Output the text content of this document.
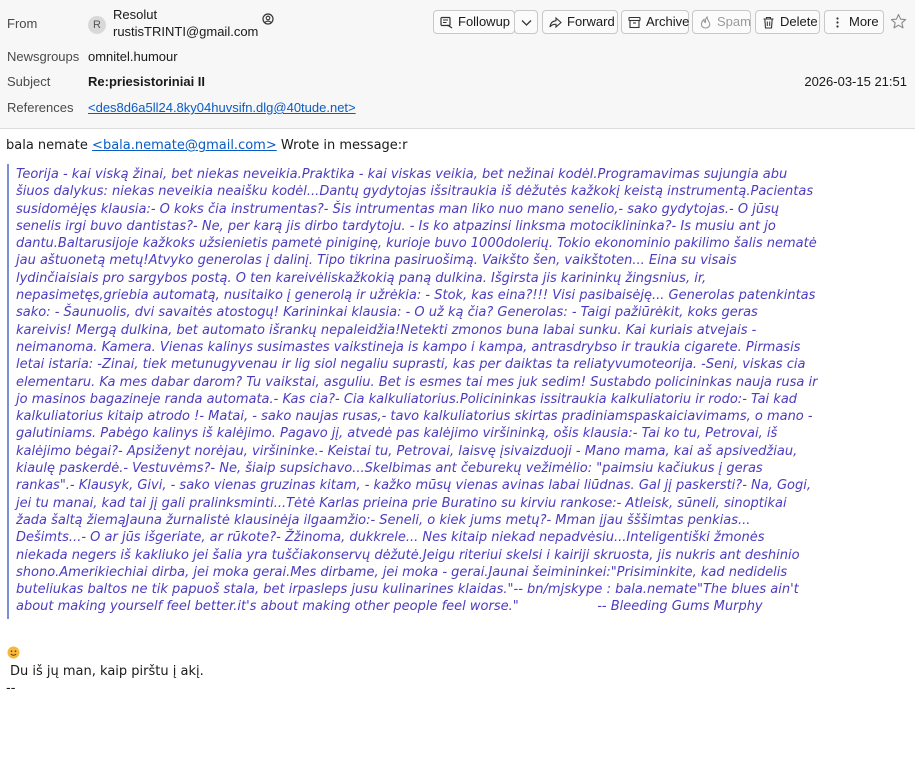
From	R
Resolut
rustisTRINTI@gmail.com
Followup	Forward Archive Spam Delete More
Newsgroups omnitel.humour
Subject	Re:priesistoriniai II	2026-03-15 21:51
References <des8d6a5ll24.8ky04huvsifn.dlg@40tude.net>
bala nemate <bala.nemate@gmail.com> Wrote in message:r

Teorija - kai viską žinai, bet niekas neveikia.Praktika - kai viskas veikia, bet nežinai kodėl.Programavimas sujungia abu
šiuos dalykus: niekas neveikia neaišku kodėl...Dantų gydytojas išsitraukia iš dėžutės kažkokį keistą instrumentą.Pacientas
susidomėjęs klausia:- O koks čia instrumentas?- Šis intrumentas man liko nuo mano senelio,- sako gydytojas.- O jūsų
senelis irgi buvo dantistas?- Ne, per karą jis dirbo tardytoju. - Is ko atpazinsi linksma motociklininka?- Is musiu ant jo
dantu.Baltarusijoje kažkoks užsienietis pametė piniginę, kurioje buvo 1000dolerių. Tokio ekonominio pakilimo šalis nematė
jau aštuonetą metų!Atvyko generolas į dalinį. Tipo tikrina pasiruošimą. Vaikšto šen, vaikštoten... Eina su visais
lydinčiaisiais pro sargybos postą. O ten kareivėliskažkokią paną dulkina. Išgirsta jis karininkų žingsnius, ir,
nepasimetęs,griebia automatą, nusitaiko į generolą ir užrėkia: - Stok, kas eina?!!! Visi pasibaisėję... Generolas patenkintas
sako: - Šaunuolis, dvi savaitės atostogų! Karininkai klausia: - O už ką čia? Generolas: - Taigi pažiūrėkit, koks geras
kareivis! Mergą dulkina, bet automato išrankų nepaleidžia!Netekti zmonos buna labai sunku. Kai kuriais atvejais -
neimanoma. Kamera. Vienas kalinys susimastes vaikstineja is kampo i kampa, antrasdrybso ir traukia cigarete. Pirmasis
letai istaria: -Zinai, tiek metunugyvenau ir lig siol negaliu suprasti, kas per daiktas ta reliatyvumoteorija. -Seni, viskas cia
elementaru. Ka mes dabar darom? Tu vaikstai, asguliu. Bet is esmes tai mes juk sedim! Sustabdo policininkas nauja rusa ir
jo masinos bagazineje randa automata.- Kas cia?- Cia kalkuliatorius.Policininkas issitraukia kalkuliatoriu ir rodo:- Tai kad
kalkuliatorius kitaip atrodo !- Matai, - sako naujas rusas,- tavo kalkuliatorius skirtas pradiniamspaskaiciavimams, o mano -
galutiniams. Pabėgo kalinys iš kalėjimo. Pagavo jį, atvedė pas kalėjimo viršininką, ošis klausia:- Tai ko tu, Petrovai, iš
kalėjimo bėgai?- Apsiženyt norėjau, viršininke.- Keistai tu, Petrovai, laisvę įsivaizduoji - Mano mama, kai aš apsivedžiau,
kiaulę paskerdė.- Vestuvėms?- Ne, šiaip supsichavo...Skelbimas ant čeburekų vežimėlio: "paimsiu kačiukus į geras
rankas".- Klausyk, Givi, - sako vienas gruzinas kitam, - kažko mūsų vienas avinas labai liūdnas. Gal jį paskersti?- Na, Gogi,
jei tu manai, kad tai jį gali pralinksminti...Tėtė Karlas prieina prie Buratino su kirviu rankose:- Atleisk, sūneli, sinoptikai
žada šaltą žiemąJauna žurnalistė klausinėja ilgaamžio:- Seneli, o kiek jums metų?- Mman įjau šššimtas penkias...
Dešimts...- O ar jūs išgeriate, ar rūkote?- Žžinoma, dukkrele... Nes kitaip niekad nepadvėsiu...Inteligentiški žmonės
niekada negers iš kakliuko jei šalia yra tuščiakonservų dėžutė.Jeigu riteriui skelsi i kairiji skruosta, jis nukris ant deshinio
shono.Amerikiechiai dirba, jei moka gerai.Mes dirbame, jei moka - gerai.Jaunai šeimininkei:"Prisiminkite, kad nedidelis
buteliukas baltos ne tik papuoš stala, bet irpasleps jusu kulinarines klaidas."-- bn/mjskype : bala.nemate"The blues ain't
about making yourself feel better.it's about making other people feel worse."                   -- Bleeding Gums Murphy

Du iš jų man, kaip pirštu į akį.
--
